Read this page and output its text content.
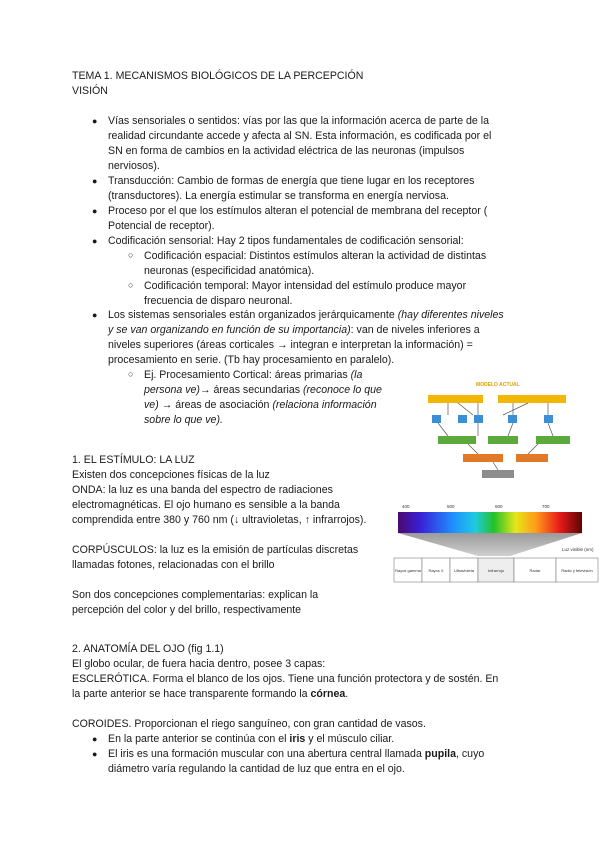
TEMA 1. MECANISMOS BIOLÓGICOS DE LA PERCEPCIÓN
VISIÓN
● Vías sensoriales o sentidos: vías por las que la información acerca de parte de la
realidad circundante accede y afecta al SN. Esta información, es codificada por el
SN en forma de cambios en la actividad eléctrica de las neuronas (impulsos
nerviosos).
● Transducción: Cambio de formas de energía que tiene lugar en los receptores
(transductores). La energía estimular se transforma en energía nerviosa.
● Proceso por el que los estímulos alteran el potencial de membrana del receptor (
Potencial de receptor).
● Codificación sensorial: Hay 2 tipos fundamentales de codificación sensorial:
○ Codificación espacial: Distintos estímulos alteran la actividad de distintas
neuronas (especificidad anatómica).
○ Codificación temporal: Mayor intensidad del estímulo produce mayor
frecuencia de disparo neuronal.
● Los sistemas sensoriales están organizados jerárquicamente (hay diferentes niveles
y se van organizando en función de su importancia): van de niveles inferiores a
niveles superiores (áreas corticales → integran e interpretan la información) =
procesamiento en serie. (Tb hay procesamiento en paralelo).
○ Ej. Procesamiento Cortical: áreas primarias (la
persona ve)→ áreas secundarias (reconoce lo que
ve) → áreas de asociación (relaciona información
sobre lo que ve).
MODELO ACTUAL
1. EL ESTÍMULO: LA LUZ
Existen dos concepciones físicas de la luz
ONDA: la luz es una banda del espectro de radiaciones
electromagnéticas. El ojo humano es sensible a la banda
comprendida entre 380 y 760 nm (↓ ultravioletas, ↑ infrarrojos).
CORPÚSCULOS: la luz es la emisión de partículas discretas
llamadas fotones, relacionadas con el brillo
Son dos concepciones complementarias: explican la
percepción del color y del brillo, respectivamente
400	500	600	700
Luz visible (nm)
Rayos gamma Rayos X	Ultravioleta	Infrarrojo	Radar	Radio y televisión
2. ANATOMÍA DEL OJO (fig 1.1)
El globo ocular, de fuera hacia dentro, posee 3 capas:
ESCLERÓTICA. Forma el blanco de los ojos. Tiene una función protectora y de sostén. En
la parte anterior se hace transparente formando la córnea.
COROIDES. Proporcionan el riego sanguíneo, con gran cantidad de vasos.
● En la parte anterior se continúa con el iris y el músculo ciliar.
● El iris es una formación muscular con una abertura central llamada pupila, cuyo
diámetro varía regulando la cantidad de luz que entra en el ojo.
